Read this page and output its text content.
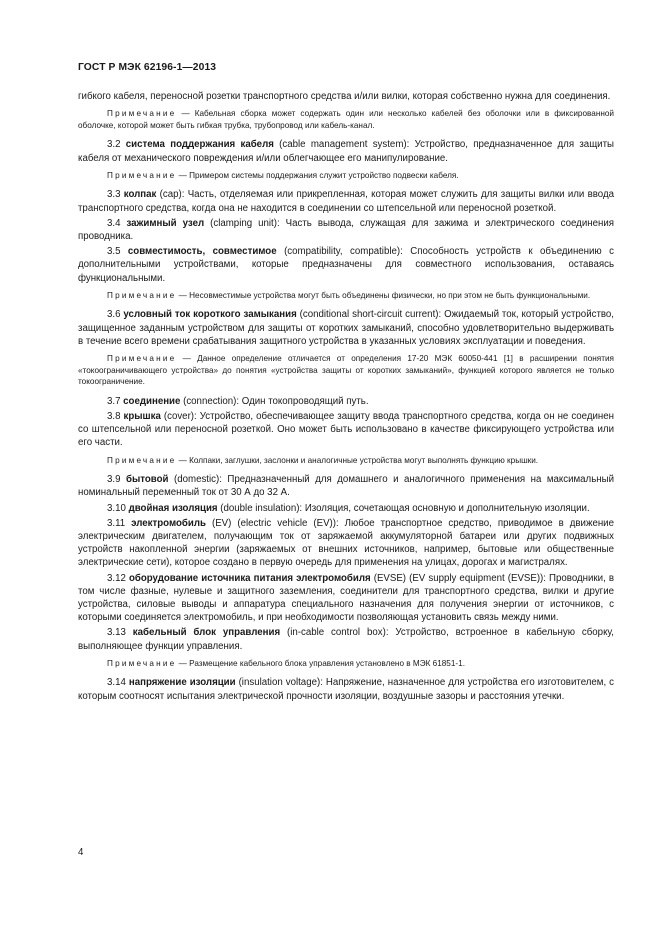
ГОСТ Р МЭК 62196-1—2013

гибкого кабеля, переносной розетки транспортного средства и/или вилки, которая собственно нужна для соединения.

Примечание — Кабельная сборка может содержать один или несколько кабелей без оболочки или в фиксированной оболочке, которой может быть гибкая трубка, трубопровод или кабель-канал.

3.2 система поддержания кабеля (cable management system): Устройство, предназначенное для защиты кабеля от механического повреждения и/или облегчающее его манипулирование.

Примечание — Примером системы поддержания служит устройство подвески кабеля.

3.3 колпак (cap): Часть, отделяемая или прикрепленная, которая может служить для защиты вилки или ввода транспортного средства, когда она не находится в соединении со штепсельной или переносной розеткой.

3.4 зажимный узел (clamping unit): Часть вывода, служащая для зажима и электрического соединения проводника.

3.5 совместимость, совместимое (compatibility, compatible): Способность устройств к объединению с дополнительными устройствами, которые предназначены для совместного использования, оставаясь функциональными.

Примечание — Несовместимые устройства могут быть объединены физически, но при этом не быть функциональными.

3.6 условный ток короткого замыкания (conditional short-circuit current): Ожидаемый ток, который устройство, защищенное заданным устройством для защиты от коротких замыканий, способно удовлетворительно выдерживать в течение всего времени срабатывания защитного устройства в указанных условиях эксплуатации и поведения.

Примечание — Данное определение отличается от определения 17-20 МЭК 60050-441 [1] в расширении понятия «токоограничивающего устройства» до понятия «устройства защиты от коротких замыканий», функцией которого является не только токоограничение.

3.7 соединение (connection): Один токопроводящий путь.

3.8 крышка (cover): Устройство, обеспечивающее защиту ввода транспортного средства, когда он не соединен со штепсельной или переносной розеткой. Оно может быть использовано в качестве фиксирующего устройства или его части.

Примечание — Колпаки, заглушки, заслонки и аналогичные устройства могут выполнять функцию крышки.

3.9 бытовой (domestic): Предназначенный для домашнего и аналогичного применения на максимальный номинальный переменный ток от 30 А до 32 А.

3.10 двойная изоляция (double insulation): Изоляция, сочетающая основную и дополнительную изоляции.

3.11 электромобиль (EV) (electric vehicle (EV)): Любое транспортное средство, приводимое в движение электрическим двигателем, получающим ток от заряжаемой аккумуляторной батареи или других подвижных устройств накопленной энергии (заряжаемых от внешних источников, например, бытовые или общественные электрические сети), которое создано в первую очередь для применения на улицах, дорогах и магистралях.

3.12 оборудование источника питания электромобиля (EVSE) (EV supply equipment (EVSE)): Проводники, в том числе фазные, нулевые и защитного заземления, соединители для транспортного средства, вилки и другие устройства, силовые выводы и аппаратура специального назначения для получения энергии от источников, с которыми соединяется электромобиль, и при необходимости позволяющая установить связь между ними.

3.13 кабельный блок управления (in-cable control box): Устройство, встроенное в кабельную сборку, выполняющее функции управления.

Примечание — Размещение кабельного блока управления установлено в МЭК 61851-1.

3.14 напряжение изоляции (insulation voltage): Напряжение, назначенное для устройства его изготовителем, с которым соотносят испытания электрической прочности изоляции, воздушные зазоры и расстояния утечки.

4
